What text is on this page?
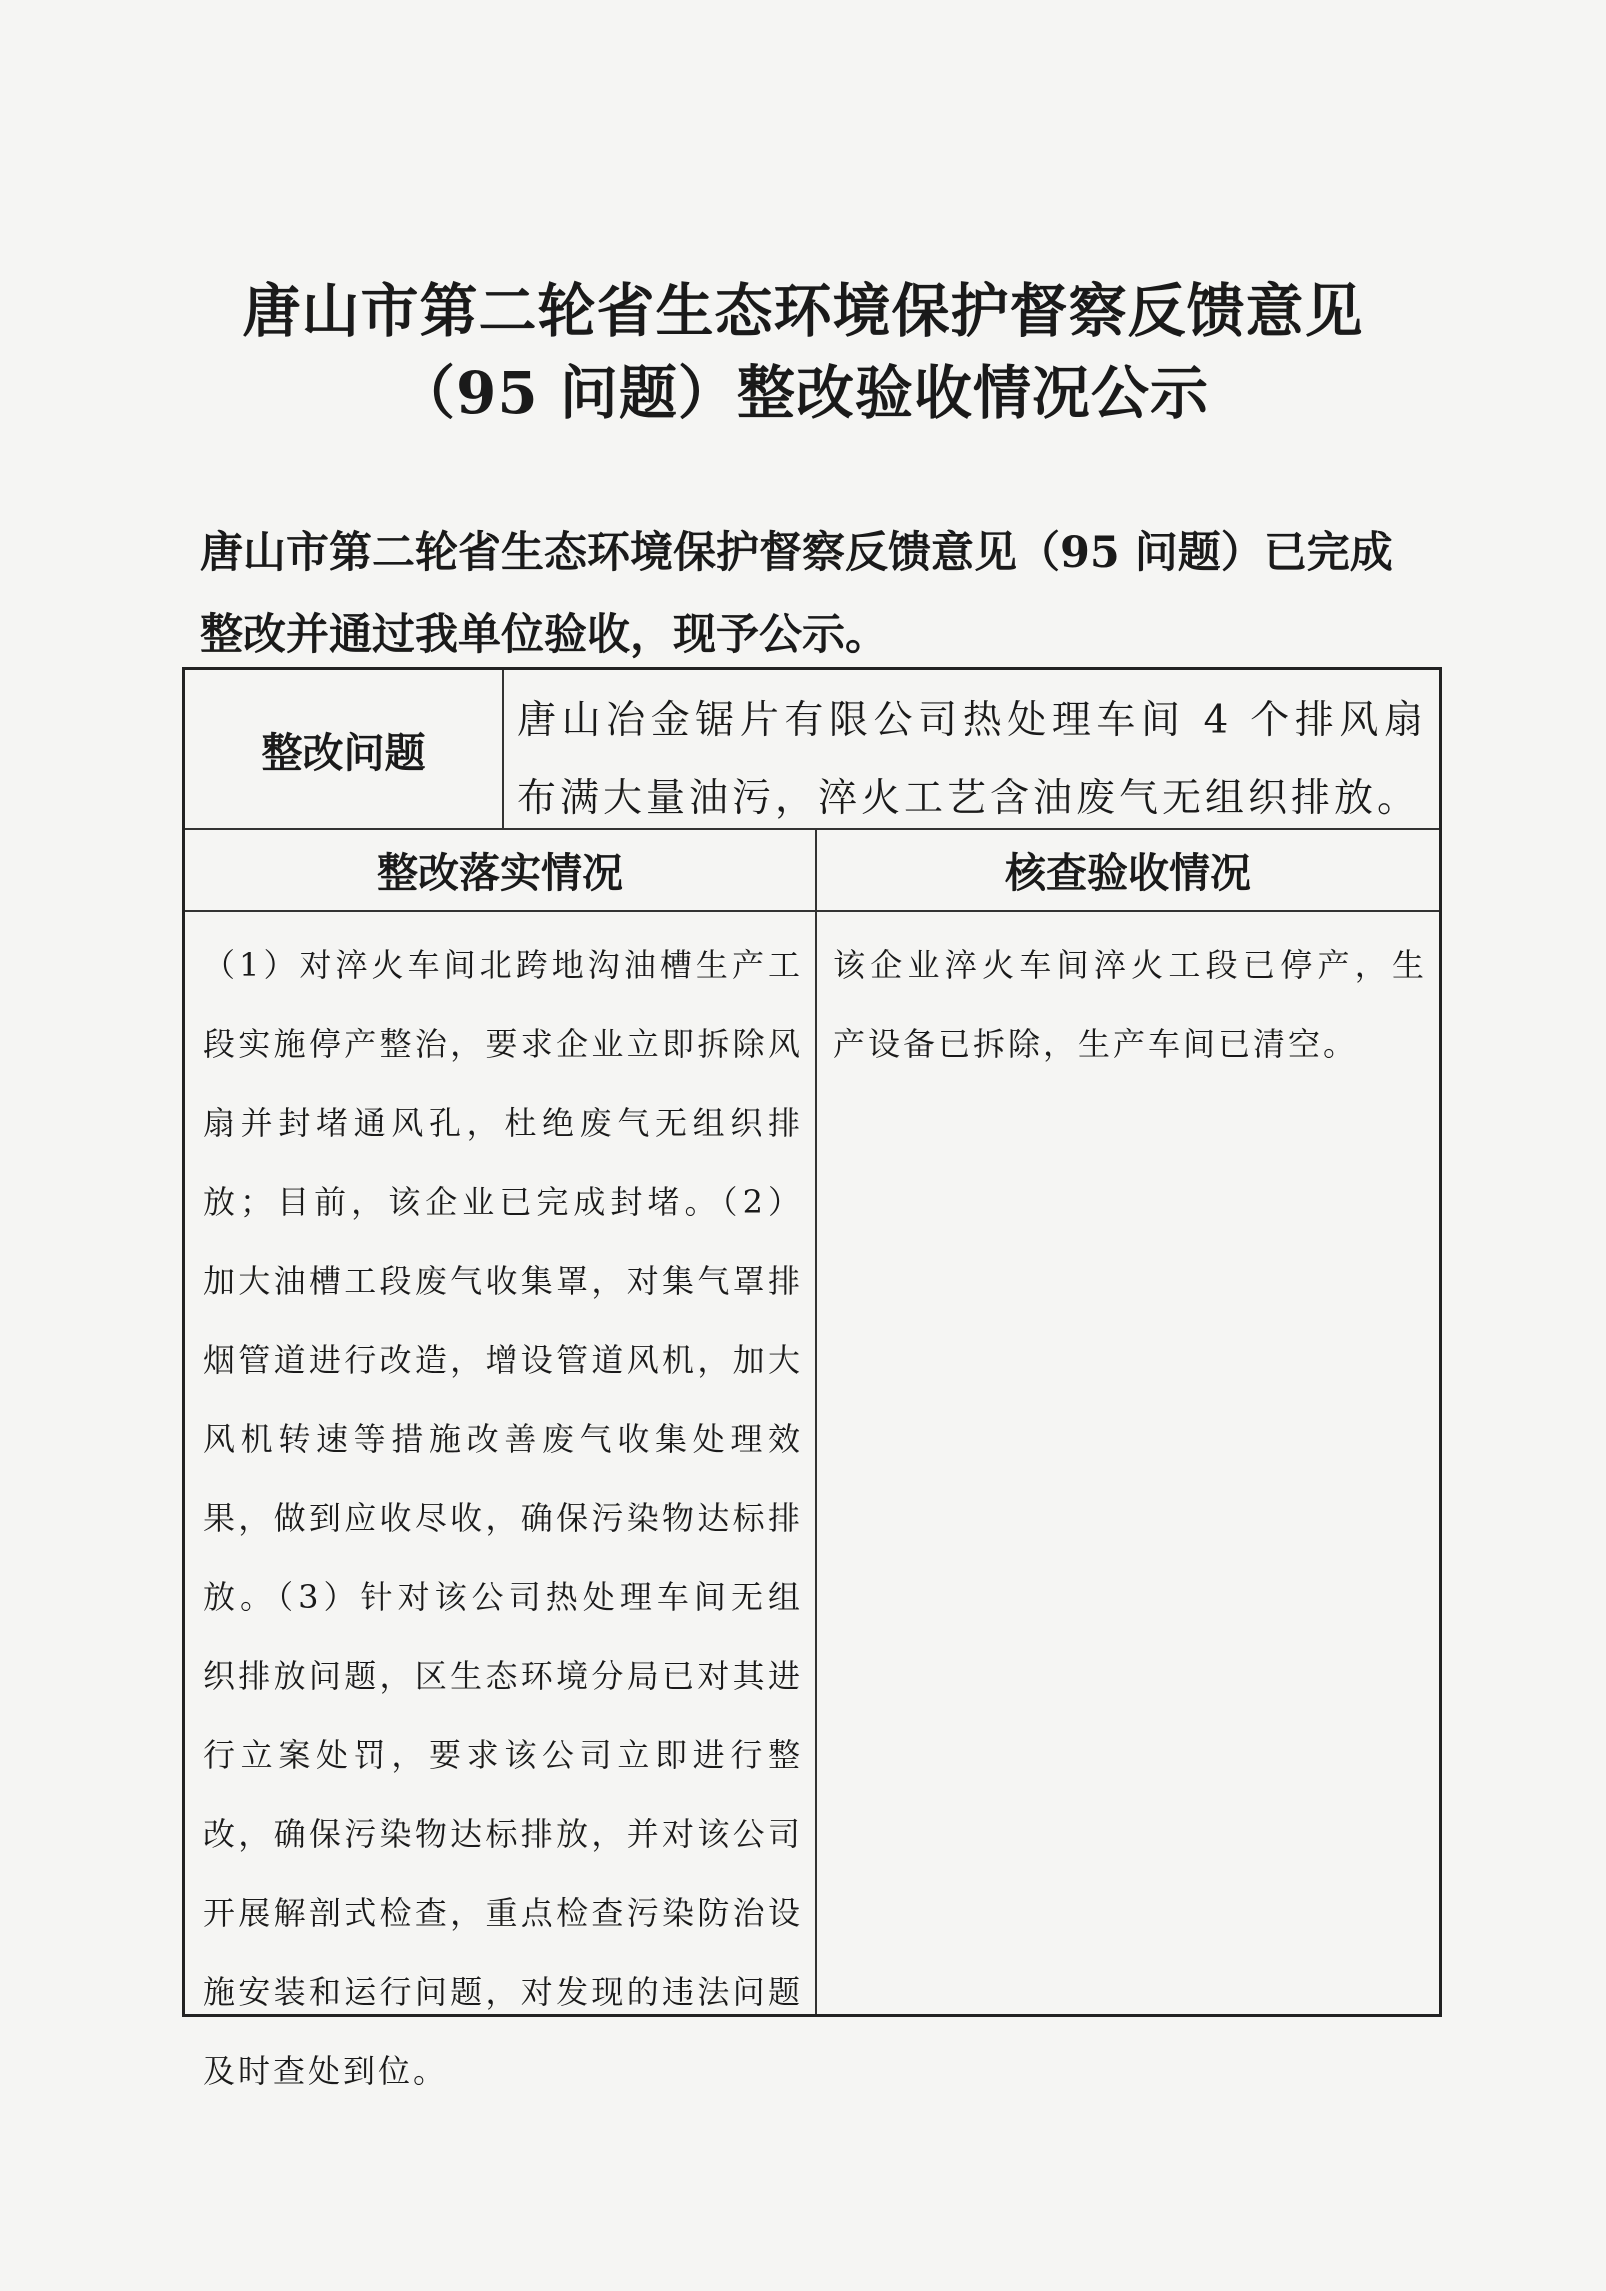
唐山市第二轮省生态环境保护督察反馈意见
（95 问题）整改验收情况公示
唐山市第二轮省生态环境保护督察反馈意见（95 问题）已完成
整改并通过我单位验收，现予公示。
整改问题
唐山冶金锯片有限公司热处理车间 4 个排风扇布满大量油污，淬火工艺含油废气无组织排放。
整改落实情况	核查验收情况
（1）对淬火车间北跨地沟油槽生产工段实施停产整治，要求企业立即拆除风扇并封堵通风孔，杜绝废气无组织排放；目前，该企业已完成封堵。（2）加大油槽工段废气收集罩，对集气罩排烟管道进行改造，增设管道风机，加大风机转速等措施改善废气收集处理效果，做到应收尽收，确保污染物达标排放。（3）针对该公司热处理车间无组织排放问题，区生态环境分局已对其进行立案处罚，要求该公司立即进行整改，确保污染物达标排放，并对该公司开展解剖式检查，重点检查污染防治设施安装和运行问题，对发现的违法问题及时查处到位。
该企业淬火车间淬火工段已停产，生产设备已拆除，生产车间已清空。
